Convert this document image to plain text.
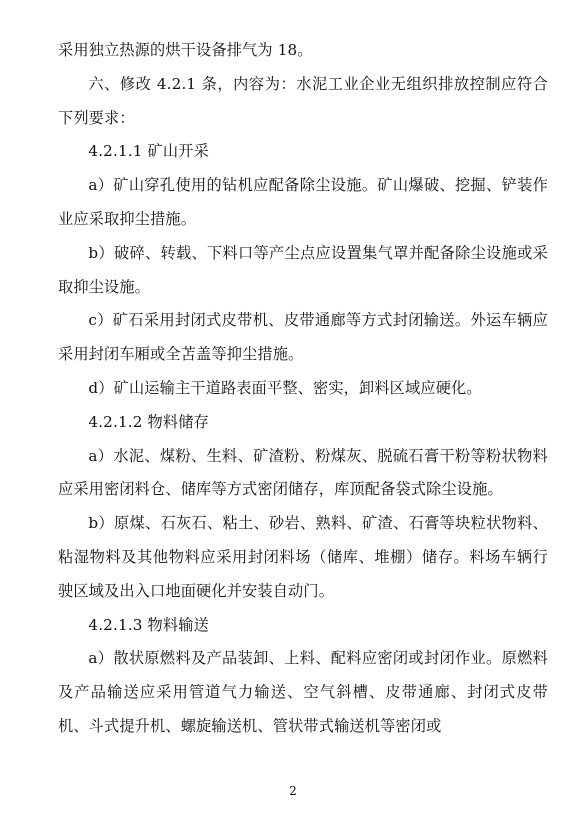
采用独立热源的烘干设备排气为 18。

六、修改 4.2.1 条，内容为：水泥工业企业无组织排放控制应符合下列要求：

4.2.1.1 矿山开采

a）矿山穿孔使用的钻机应配备除尘设施。矿山爆破、挖掘、铲装作业应采取抑尘措施。

b）破碎、转载、下料口等产尘点应设置集气罩并配备除尘设施或采取抑尘设施。

c）矿石采用封闭式皮带机、皮带通廊等方式封闭输送。外运车辆应采用封闭车厢或全苫盖等抑尘措施。

d）矿山运输主干道路表面平整、密实，卸料区域应硬化。

4.2.1.2 物料储存

a）水泥、煤粉、生料、矿渣粉、粉煤灰、脱硫石膏干粉等粉状物料应采用密闭料仓、储库等方式密闭储存，库顶配备袋式除尘设施。

b）原煤、石灰石、粘土、砂岩、熟料、矿渣、石膏等块粒状物料、粘湿物料及其他物料应采用封闭料场（储库、堆棚）储存。料场车辆行驶区域及出入口地面硬化并安装自动门。

4.2.1.3 物料输送

a）散状原燃料及产品装卸、上料、配料应密闭或封闭作业。原燃料及产品输送应采用管道气力输送、空气斜槽、皮带通廊、封闭式皮带机、斗式提升机、螺旋输送机、管状带式输送机等密闭或

2
